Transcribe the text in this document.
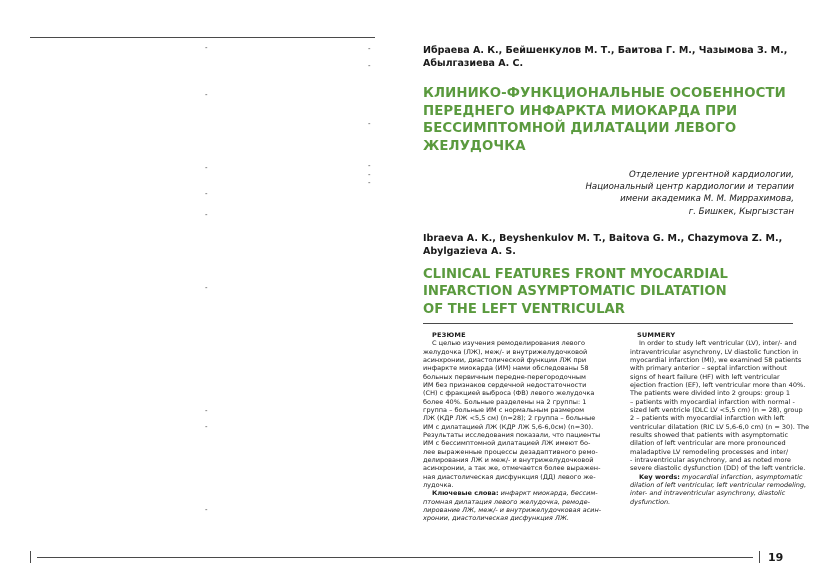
-	-
-
-
-
-	-
-
-
-
-
-
-
-
-
Ибраева А. К., Бейшенкулов М. Т., Баитова Г. М., Чазымова З. М.,
Абылгазиева А. С.
КЛИНИКО-ФУНКЦИОНАЛЬНЫЕ ОСОБЕННОСТИ
ПЕРЕДНЕГО ИНФАРКТА МИОКАРДА ПРИ
БЕССИМПТОМНОЙ ДИЛАТАЦИИ ЛЕВОГО
ЖЕЛУДОЧКА
Отделение ургентной кардиологии,
Национальный центр кардиологии и терапии
имени академика М. М. Миррахимова,
г. Бишкек, Кыргызстан
Ibraeva A. K., Beyshenkulov M. T., Baitova G. M., Chazymova Z. M.,
Abylgazieva A. S.
CLINICAL FEATURES FRONT MYOCARDIAL
INFARCTION ASYMPTOMATIC DILATATION
OF THE LEFT VENTRICULAR
РЕЗЮМЕ
С целью изучения ремоделирования левого
желудочка (ЛЖ), меж/- и внутрижелудочковой
асинхронии, диастолической функции ЛЖ при
инфаркте миокарда (ИМ) нами обследованы 58
больных первичным передне-перегородочным
ИМ без признаков сердечной недостаточности
(СН) с фракцией выброса (ФВ) левого желудочка
более 40%. Больные разделены на 2 группы: 1
группа – больные ИМ с нормальным размером
ЛЖ (КДР ЛЖ <5,5 см) (n=28); 2 группа – больные
ИМ с дилатацией ЛЖ (КДР ЛЖ 5,6-6,0см) (n=30).
Результаты исследования показали, что пациенты
ИМ с бессимптомной дилатацией ЛЖ имеют бо-
лее выраженные процессы дезадаптивного ремо-
делирования ЛЖ и меж/- и внутрижелудочковой
асинхронии, а так же, отмечается более выражен-
ная диастолическая дисфункция (ДД) левого же-
лудочка.
Ключевые слова: инфаркт миокарда, бессим-
птомная дилатация левого желудочка, ремоде-
лирование ЛЖ, меж/- и внутрижелудочковая асин-
хронии, диастолическая дисфункция ЛЖ.
SUMMERY
In order to study left ventricular (LV), inter/- and
intraventricular asynchrony, LV diastolic function in
myocardial infarction (MI), we examined 58 patients
with primary anterior – septal infarction without
signs of heart failure (HF) with left ventricular
ejection fraction (EF), left ventricular more than 40%.
The patients were divided into 2 groups: group 1
– patients with myocardial infarction with normal -
sized left ventricle (DLC LV <5,5 cm) (n = 28), group
2 – patients with myocardial infarction with left
ventricular dilatation (RIC LV 5,6-6,0 cm) (n = 30). The
results showed that patients with asymptomatic
dilation of left ventricular are more pronounced
maladaptive LV remodeling processes and inter/
- intraventricular asynchrony, and as noted more
severe diastolic dysfunction (DD) of the left ventricle.
Key words: myocardial infarction, asymptomatic
dilation of left ventricular, left ventricular remodeling,
inter- and intraventricular asynchrony, diastolic
dysfunction.
19
